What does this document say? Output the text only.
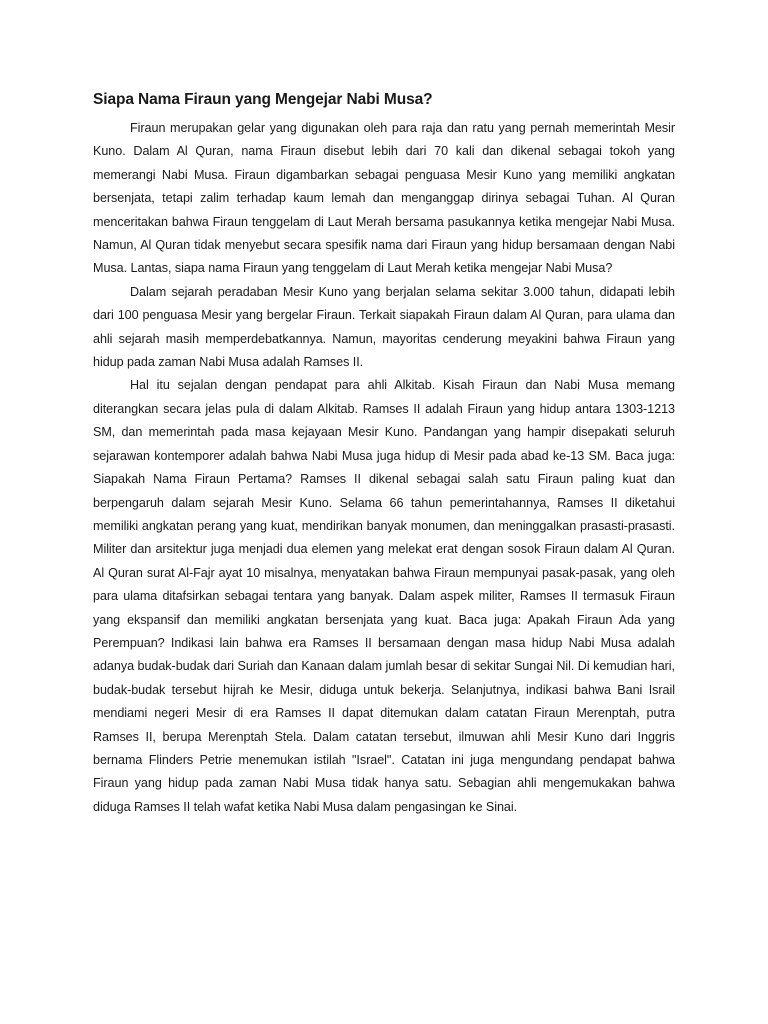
Siapa Nama Firaun yang Mengejar Nabi Musa?

Firaun merupakan gelar yang digunakan oleh para raja dan ratu yang pernah memerintah Mesir Kuno. Dalam Al Quran, nama Firaun disebut lebih dari 70 kali dan dikenal sebagai tokoh yang memerangi Nabi Musa. Firaun digambarkan sebagai penguasa Mesir Kuno yang memiliki angkatan bersenjata, tetapi zalim terhadap kaum lemah dan menganggap dirinya sebagai Tuhan. Al Quran menceritakan bahwa Firaun tenggelam di Laut Merah bersama pasukannya ketika mengejar Nabi Musa. Namun, Al Quran tidak menyebut secara spesifik nama dari Firaun yang hidup bersamaan dengan Nabi Musa. Lantas, siapa nama Firaun yang tenggelam di Laut Merah ketika mengejar Nabi Musa?

Dalam sejarah peradaban Mesir Kuno yang berjalan selama sekitar 3.000 tahun, didapati lebih dari 100 penguasa Mesir yang bergelar Firaun. Terkait siapakah Firaun dalam Al Quran, para ulama dan ahli sejarah masih memperdebatkannya. Namun, mayoritas cenderung meyakini bahwa Firaun yang hidup pada zaman Nabi Musa adalah Ramses II.

Hal itu sejalan dengan pendapat para ahli Alkitab. Kisah Firaun dan Nabi Musa memang diterangkan secara jelas pula di dalam Alkitab. Ramses II adalah Firaun yang hidup antara 1303-1213 SM, dan memerintah pada masa kejayaan Mesir Kuno. Pandangan yang hampir disepakati seluruh sejarawan kontemporer adalah bahwa Nabi Musa juga hidup di Mesir pada abad ke-13 SM. Baca juga: Siapakah Nama Firaun Pertama? Ramses II dikenal sebagai salah satu Firaun paling kuat dan berpengaruh dalam sejarah Mesir Kuno. Selama 66 tahun pemerintahannya, Ramses II diketahui memiliki angkatan perang yang kuat, mendirikan banyak monumen, dan meninggalkan prasasti-prasasti. Militer dan arsitektur juga menjadi dua elemen yang melekat erat dengan sosok Firaun dalam Al Quran. Al Quran surat Al-Fajr ayat 10 misalnya, menyatakan bahwa Firaun mempunyai pasak-pasak, yang oleh para ulama ditafsirkan sebagai tentara yang banyak. Dalam aspek militer, Ramses II termasuk Firaun yang ekspansif dan memiliki angkatan bersenjata yang kuat. Baca juga: Apakah Firaun Ada yang Perempuan? Indikasi lain bahwa era Ramses II bersamaan dengan masa hidup Nabi Musa adalah adanya budak-budak dari Suriah dan Kanaan dalam jumlah besar di sekitar Sungai Nil. Di kemudian hari, budak-budak tersebut hijrah ke Mesir, diduga untuk bekerja. Selanjutnya, indikasi bahwa Bani Israil mendiami negeri Mesir di era Ramses II dapat ditemukan dalam catatan Firaun Merenptah, putra Ramses II, berupa Merenptah Stela. Dalam catatan tersebut, ilmuwan ahli Mesir Kuno dari Inggris bernama Flinders Petrie menemukan istilah "Israel". Catatan ini juga mengundang pendapat bahwa Firaun yang hidup pada zaman Nabi Musa tidak hanya satu. Sebagian ahli mengemukakan bahwa diduga Ramses II telah wafat ketika Nabi Musa dalam pengasingan ke Sinai.
